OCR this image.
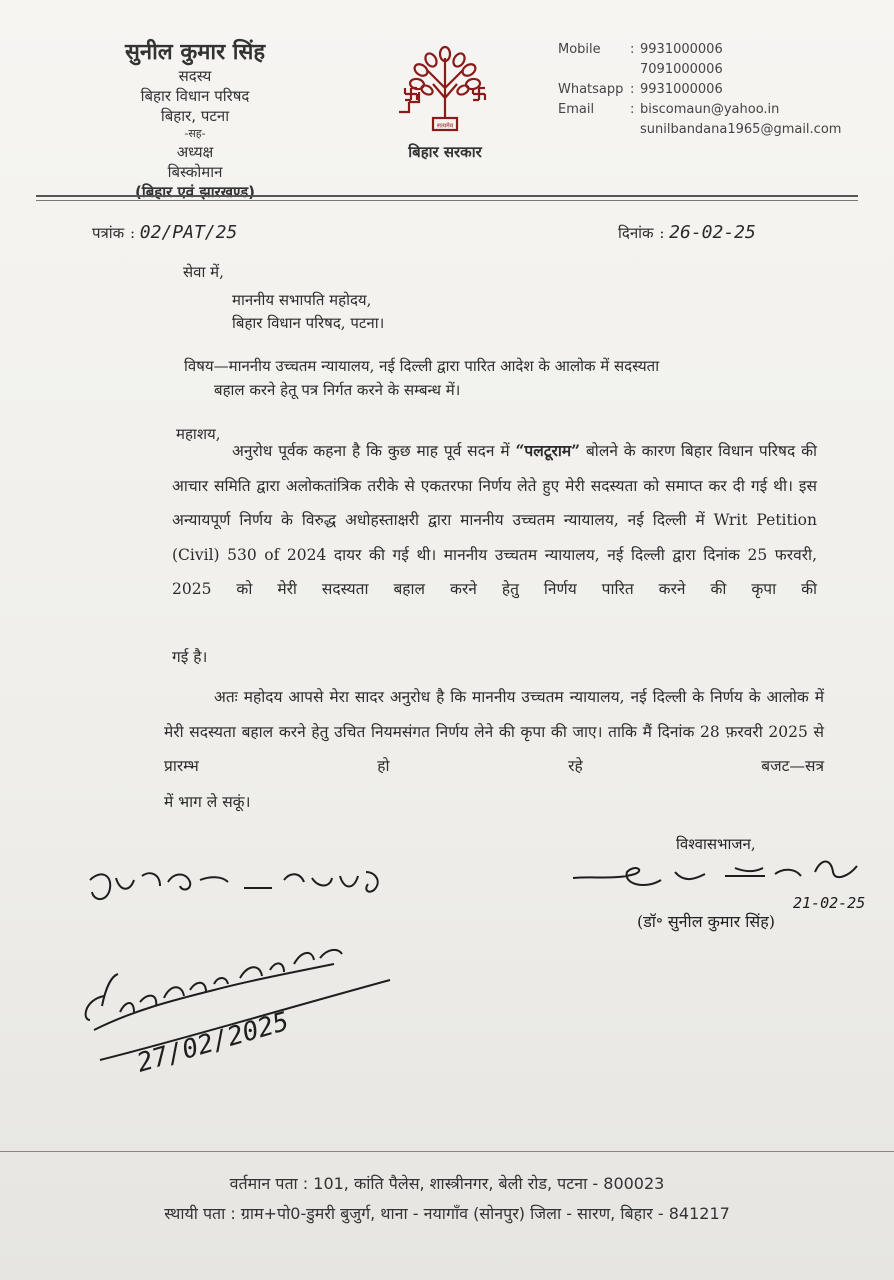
सुनील कुमार सिंह
सदस्य
बिहार विधान परिषद
बिहार, पटना
-सह-
अध्यक्ष
बिस्कोमान
(बिहार एवं झारखण्ड)
सत्यमेव
बिहार सरकार
Mobile	: 9931000006
7091000006
Whatsapp : 9931000006
Email	: biscomaun@yahoo.in
sunilbandana1965@gmail.com
पत्रांक : 02/PAT/25	दिनांक : 26-02-25
सेवा में,
माननीय सभापति महोदय,
बिहार विधान परिषद, पटना।
विषय—माननीय उच्चतम न्यायालय, नई दिल्ली द्वारा पारित आदेश के आलोक में सदस्यता
बहाल करने हेतू पत्र निर्गत करने के सम्बन्ध में।
महाशय,
अनुरोध पूर्वक कहना है कि कुछ माह पूर्व सदन में “पलटूराम” बोलने के कारण बिहार विधान परिषद की आचार समिति द्वारा अलोकतांत्रिक तरीके से एकतरफा निर्णय लेते हुए मेरी सदस्यता को समाप्त कर दी गई थी। इस अन्यायपूर्ण निर्णय के विरुद्ध अधोहस्ताक्षरी द्वारा माननीय उच्चतम न्यायालय, नई दिल्ली में Writ Petition (Civil) 530 of 2024 दायर की गई थी। माननीय उच्चतम न्यायालय, नई दिल्ली द्वारा दिनांक 25 फरवरी, 2025 को मेरी सदस्यता बहाल करने हेतु निर्णय पारित करने की कृपा की
गई है।
अतः महोदय आपसे मेरा सादर अनुरोध है कि माननीय उच्चतम न्यायालय, नई दिल्ली के निर्णय के आलोक में मेरी सदस्यता बहाल करने हेतु उचित नियमसंगत निर्णय लेने की कृपा की जाए। ताकि मैं दिनांक 28 फ़रवरी 2025 से प्रारम्भ हो रहे बजट—सत्र
में भाग ले सकूं।
विश्वासभाजन,
21-02-25
(डॉ॰ सुनील कुमार सिंह)
27/02/2025
वर्तमान पता : 101, कांति पैलेस, शास्त्रीनगर, बेली रोड, पटना - 800023
स्थायी पता : ग्राम+पो0-डुमरी बुजुर्ग, थाना - नयागाँव (सोनपुर) जिला - सारण, बिहार - 841217
